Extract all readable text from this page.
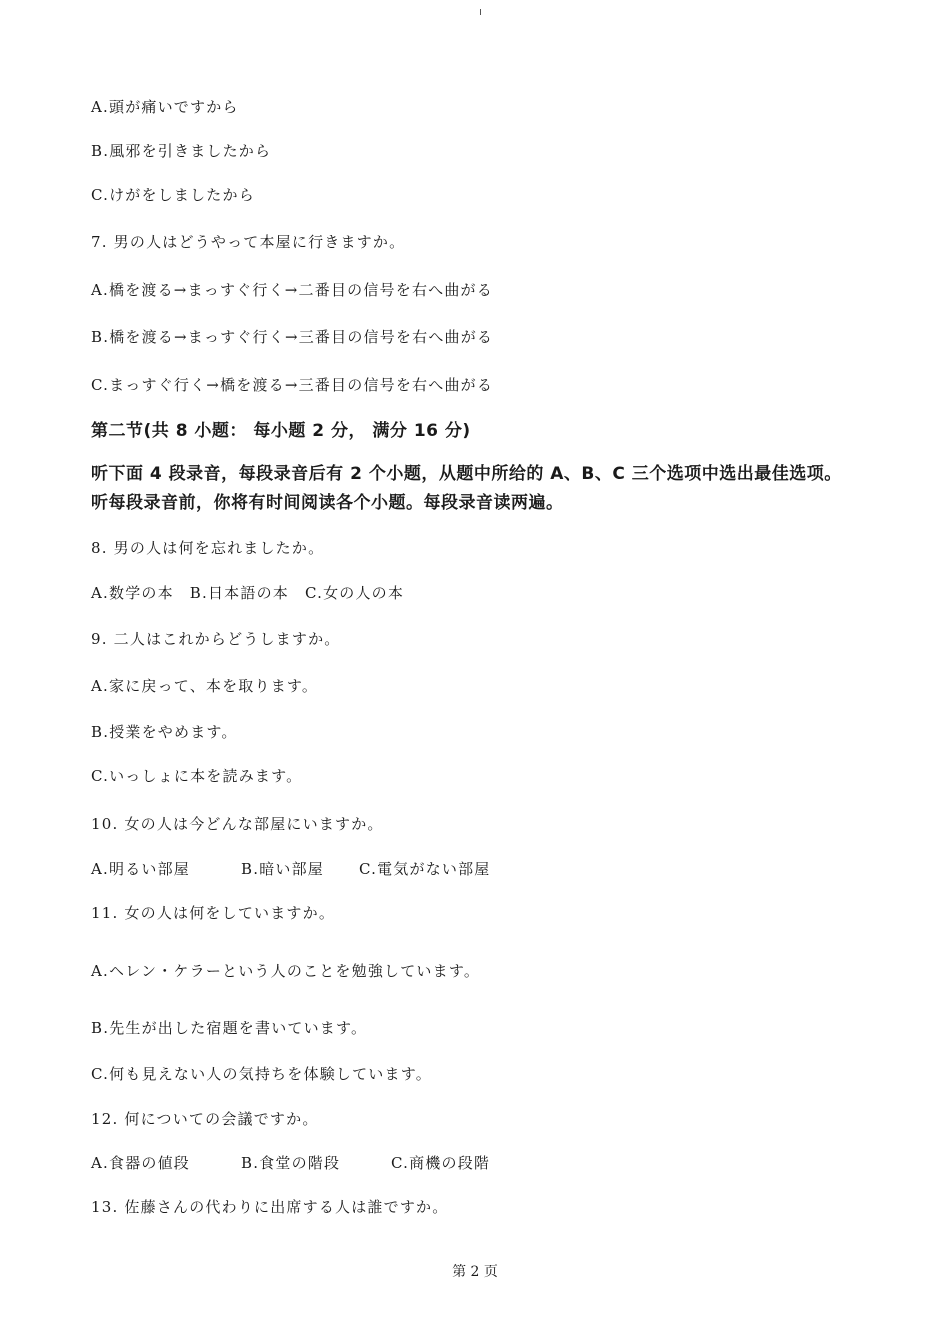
A.頭が痛いですから
B.風邪を引きましたから
C.けがをしましたから
7. 男の人はどうやって本屋に行きますか。
A.橋を渡る→まっすぐ行く→二番目の信号を右へ曲がる
B.橋を渡る→まっすぐ行く→三番目の信号を右へ曲がる
C.まっすぐ行く→橋を渡る→三番目の信号を右へ曲がる
第二节(共 8 小题： 每小题 2 分， 满分 16 分)
听下面 4 段录音，每段录音后有 2 个小题，从题中所给的 A、B、C 三个选项中选出最佳选项。
听每段录音前，你将有时间阅读各个小题。每段录音读两遍。
8. 男の人は何を忘れましたか。
A.数学の本 B.日本語の本 C.女の人の本
9. 二人はこれからどうしますか。
A.家に戻って、本を取ります。
B.授業をやめます。
C.いっしょに本を読みます。
10. 女の人は今どんな部屋にいますか。
A.明るい部屋	B.暗い部屋 C.電気がない部屋
11. 女の人は何をしていますか。
A.ヘレン・ケラーという人のことを勉強しています。
B.先生が出した宿題を書いています。
C.何も見えない人の気持ちを体験しています。
12. 何についての会議ですか。
A.食器の値段	B.食堂の階段	C.商機の段階
13. 佐藤さんの代わりに出席する人は誰ですか。
第 2 页
